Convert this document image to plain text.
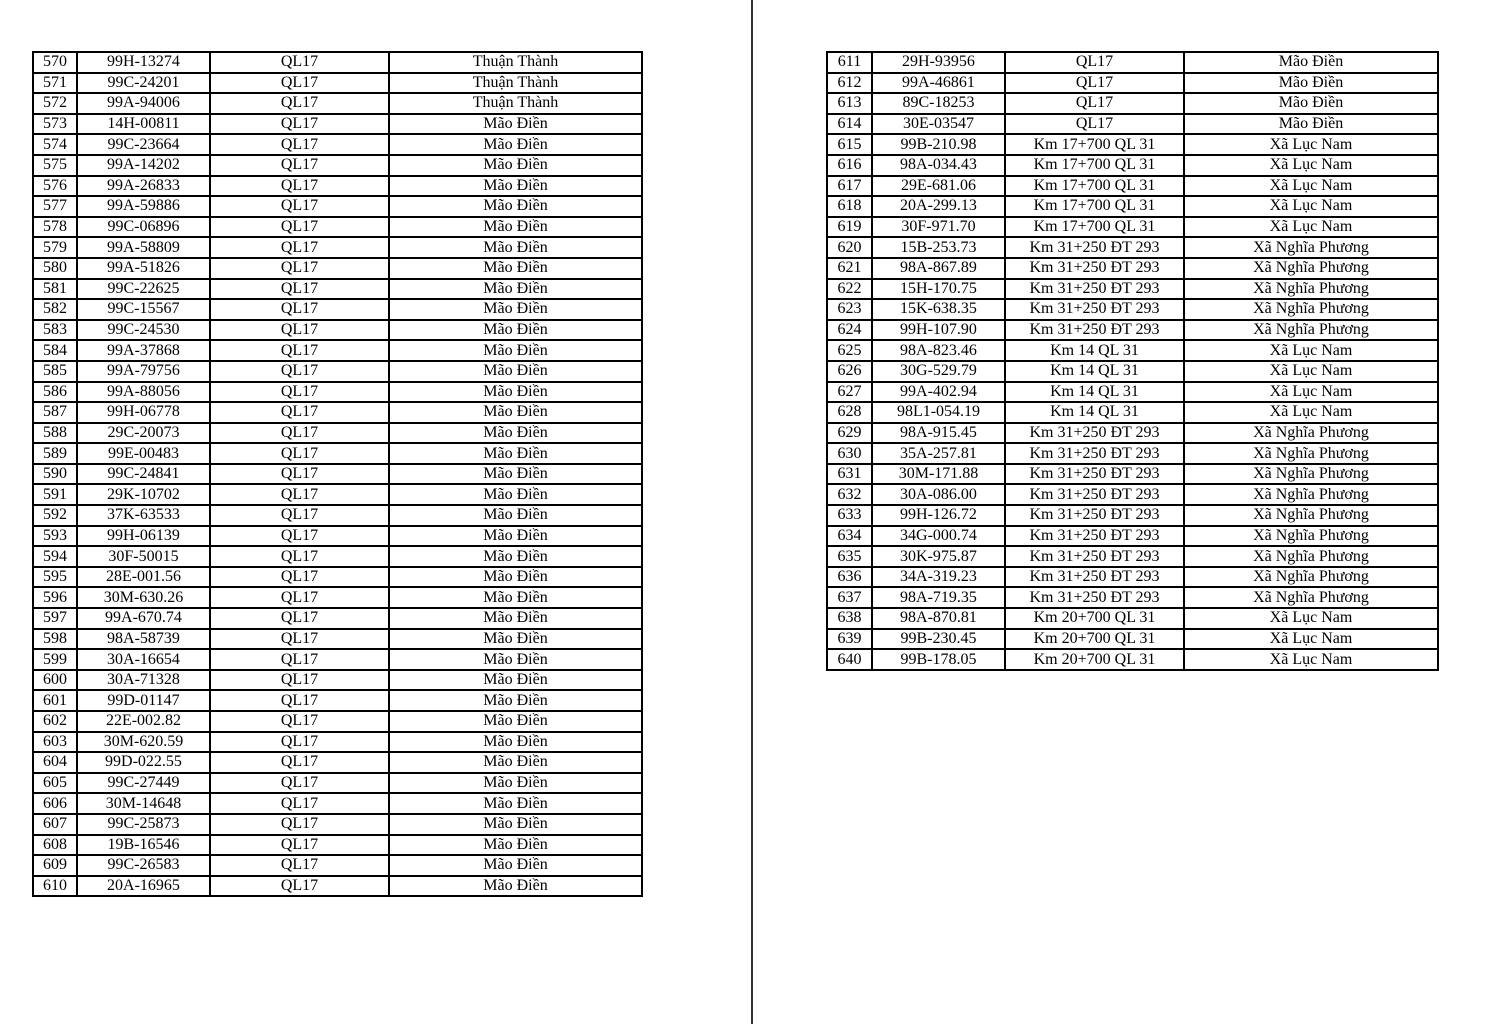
570	99H-13274	QL17	Thuận Thành
571	99C-24201	QL17	Thuận Thành
572	99A-94006	QL17	Thuận Thành
573	14H-00811	QL17	Mão Điền
574	99C-23664	QL17	Mão Điền
575	99A-14202	QL17	Mão Điền
576	99A-26833	QL17	Mão Điền
577	99A-59886	QL17	Mão Điền
578	99C-06896	QL17	Mão Điền
579	99A-58809	QL17	Mão Điền
580	99A-51826	QL17	Mão Điền
581	99C-22625	QL17	Mão Điền
582	99C-15567	QL17	Mão Điền
583	99C-24530	QL17	Mão Điền
584	99A-37868	QL17	Mão Điền
585	99A-79756	QL17	Mão Điền
586	99A-88056	QL17	Mão Điền
587	99H-06778	QL17	Mão Điền
588	29C-20073	QL17	Mão Điền
589	99E-00483	QL17	Mão Điền
590	99C-24841	QL17	Mão Điền
591	29K-10702	QL17	Mão Điền
592	37K-63533	QL17	Mão Điền
593	99H-06139	QL17	Mão Điền
594	30F-50015	QL17	Mão Điền
595	28E-001.56	QL17	Mão Điền
596	30M-630.26	QL17	Mão Điền
597	99A-670.74	QL17	Mão Điền
598	98A-58739	QL17	Mão Điền
599	30A-16654	QL17	Mão Điền
600	30A-71328	QL17	Mão Điền
601	99D-01147	QL17	Mão Điền
602	22E-002.82	QL17	Mão Điền
603	30M-620.59	QL17	Mão Điền
604	99D-022.55	QL17	Mão Điền
605	99C-27449	QL17	Mão Điền
606	30M-14648	QL17	Mão Điền
607	99C-25873	QL17	Mão Điền
608	19B-16546	QL17	Mão Điền
609	99C-26583	QL17	Mão Điền
610	20A-16965	QL17	Mão Điền
611	29H-93956	QL17	Mão Điền
612	99A-46861	QL17	Mão Điền
613	89C-18253	QL17	Mão Điền
614	30E-03547	QL17	Mão Điền
615	99B-210.98	Km 17+700 QL 31	Xã Lục Nam
616	98A-034.43	Km 17+700 QL 31	Xã Lục Nam
617	29E-681.06	Km 17+700 QL 31	Xã Lục Nam
618	20A-299.13	Km 17+700 QL 31	Xã Lục Nam
619	30F-971.70	Km 17+700 QL 31	Xã Lục Nam
620	15B-253.73	Km 31+250 ĐT 293	Xã Nghĩa Phương
621	98A-867.89	Km 31+250 ĐT 293	Xã Nghĩa Phương
622	15H-170.75	Km 31+250 ĐT 293	Xã Nghĩa Phương
623	15K-638.35	Km 31+250 ĐT 293	Xã Nghĩa Phương
624	99H-107.90	Km 31+250 ĐT 293	Xã Nghĩa Phương
625	98A-823.46	Km 14 QL 31	Xã Lục Nam
626	30G-529.79	Km 14 QL 31	Xã Lục Nam
627	99A-402.94	Km 14 QL 31	Xã Lục Nam
628	98L1-054.19	Km 14 QL 31	Xã Lục Nam
629	98A-915.45	Km 31+250 ĐT 293	Xã Nghĩa Phương
630	35A-257.81	Km 31+250 ĐT 293	Xã Nghĩa Phương
631	30M-171.88	Km 31+250 ĐT 293	Xã Nghĩa Phương
632	30A-086.00	Km 31+250 ĐT 293	Xã Nghĩa Phương
633	99H-126.72	Km 31+250 ĐT 293	Xã Nghĩa Phương
634	34G-000.74	Km 31+250 ĐT 293	Xã Nghĩa Phương
635	30K-975.87	Km 31+250 ĐT 293	Xã Nghĩa Phương
636	34A-319.23	Km 31+250 ĐT 293	Xã Nghĩa Phương
637	98A-719.35	Km 31+250 ĐT 293	Xã Nghĩa Phương
638	98A-870.81	Km 20+700 QL 31	Xã Lục Nam
639	99B-230.45	Km 20+700 QL 31	Xã Lục Nam
640	99B-178.05	Km 20+700 QL 31	Xã Lục Nam
